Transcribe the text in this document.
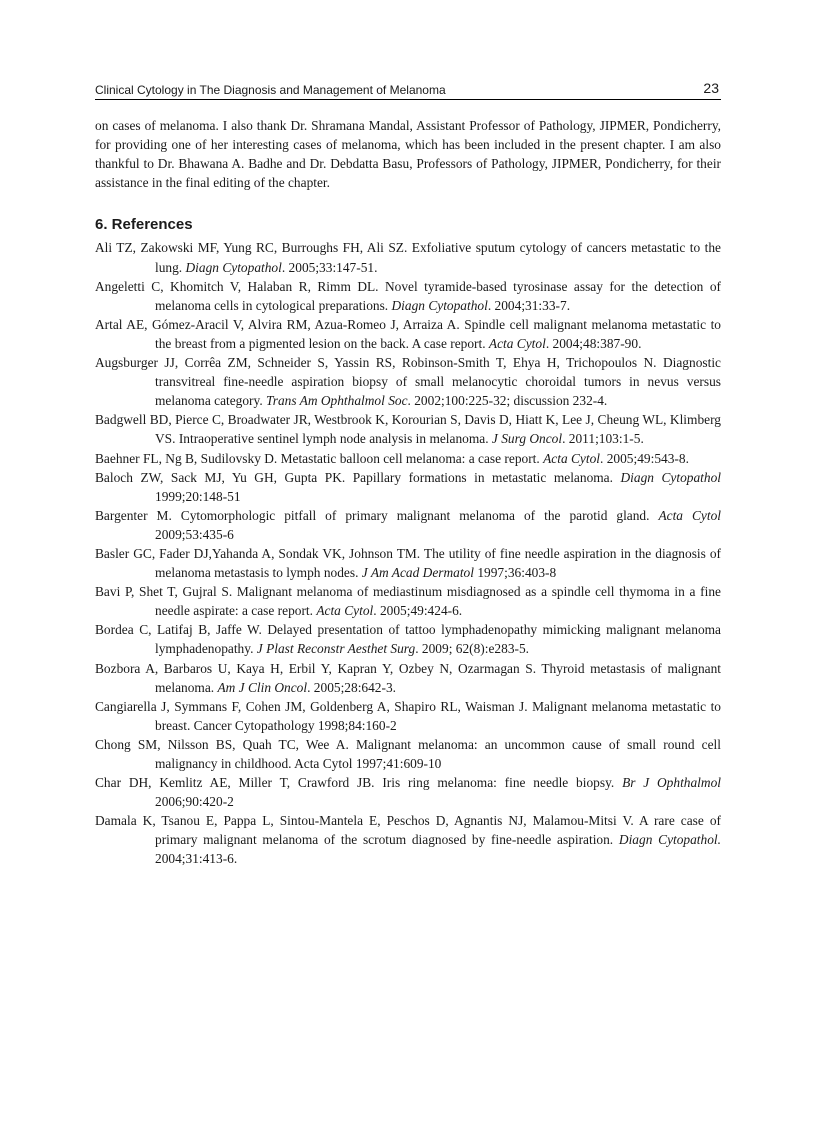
Clinical Cytology in The Diagnosis and Management of Melanoma	23

on cases of melanoma. I also thank Dr. Shramana Mandal, Assistant Professor of Pathology, JIPMER, Pondicherry, for providing one of her interesting cases of melanoma, which has been included in the present chapter. I am also thankful to Dr. Bhawana A. Badhe and Dr. Debdatta Basu, Professors of Pathology, JIPMER, Pondicherry, for their assistance in the final editing of the chapter.

6. References
Ali TZ, Zakowski MF, Yung RC, Burroughs FH, Ali SZ. Exfoliative sputum cytology of cancers metastatic to the lung. Diagn Cytopathol. 2005;33:147-51.
Angeletti C, Khomitch V, Halaban R, Rimm DL. Novel tyramide-based tyrosinase assay for the detection of melanoma cells in cytological preparations. Diagn Cytopathol. 2004;31:33-7.
Artal AE, Gómez-Aracil V, Alvira RM, Azua-Romeo J, Arraiza A. Spindle cell malignant melanoma metastatic to the breast from a pigmented lesion on the back. A case report. Acta Cytol. 2004;48:387-90.
Augsburger JJ, Corrêa ZM, Schneider S, Yassin RS, Robinson-Smith T, Ehya H, Trichopoulos N. Diagnostic transvitreal fine-needle aspiration biopsy of small melanocytic choroidal tumors in nevus versus melanoma category. Trans Am Ophthalmol Soc. 2002;100:225-32; discussion 232-4.
Badgwell BD, Pierce C, Broadwater JR, Westbrook K, Korourian S, Davis D, Hiatt K, Lee J, Cheung WL, Klimberg VS. Intraoperative sentinel lymph node analysis in melanoma. J Surg Oncol. 2011;103:1-5.
Baehner FL, Ng B, Sudilovsky D. Metastatic balloon cell melanoma: a case report. Acta Cytol. 2005;49:543-8.
Baloch ZW, Sack MJ, Yu GH, Gupta PK. Papillary formations in metastatic melanoma. Diagn Cytopathol 1999;20:148-51
Bargenter M. Cytomorphologic pitfall of primary malignant melanoma of the parotid gland. Acta Cytol 2009;53:435-6
Basler GC, Fader DJ,Yahanda A, Sondak VK, Johnson TM. The utility of fine needle aspiration in the diagnosis of melanoma metastasis to lymph nodes. J Am Acad Dermatol 1997;36:403-8
Bavi P, Shet T, Gujral S. Malignant melanoma of mediastinum misdiagnosed as a spindle cell thymoma in a fine needle aspirate: a case report. Acta Cytol. 2005;49:424-6.
Bordea C, Latifaj B, Jaffe W. Delayed presentation of tattoo lymphadenopathy mimicking malignant melanoma lymphadenopathy. J Plast Reconstr Aesthet Surg. 2009; 62(8):e283-5.
Bozbora A, Barbaros U, Kaya H, Erbil Y, Kapran Y, Ozbey N, Ozarmagan S. Thyroid metastasis of malignant melanoma. Am J Clin Oncol. 2005;28:642-3.
Cangiarella J, Symmans F, Cohen JM, Goldenberg A, Shapiro RL, Waisman J. Malignant melanoma metastatic to breast. Cancer Cytopathology 1998;84:160-2
Chong SM, Nilsson BS, Quah TC, Wee A. Malignant melanoma: an uncommon cause of small round cell malignancy in childhood. Acta Cytol 1997;41:609-10
Char DH, Kemlitz AE, Miller T, Crawford JB. Iris ring melanoma: fine needle biopsy. Br J Ophthalmol 2006;90:420-2
Damala K, Tsanou E, Pappa L, Sintou-Mantela E, Peschos D, Agnantis NJ, Malamou-Mitsi V. A rare case of primary malignant melanoma of the scrotum diagnosed by fine-needle aspiration. Diagn Cytopathol. 2004;31:413-6.
